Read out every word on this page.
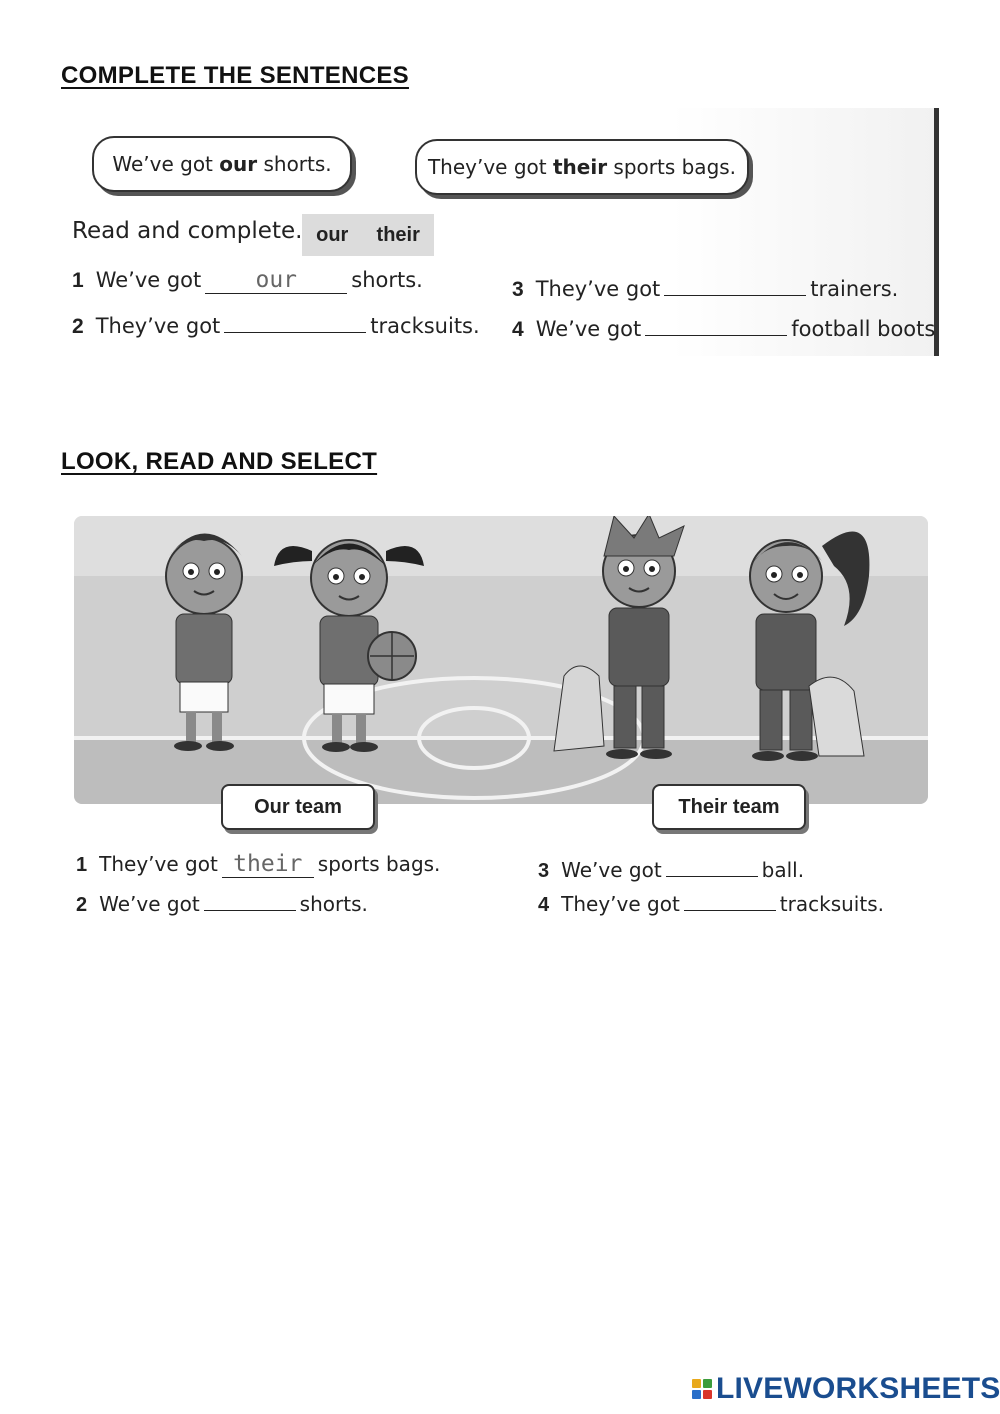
COMPLETE THE SENTENCES
We’ve got our shorts.	They’ve got their sports bags.
Read and complete. our their
1 We’ve got our	shorts.
2 They’ve got	tracksuits.
3 They’ve got	trainers.
4 We’ve got	football boots
LOOK, READ AND SELECT
Our team	Their team
1 They’ve got their sports bags.
2 We’ve got	shorts.
3 We’ve got	ball.
4 They’ve got	tracksuits.
LIVEWORKSHEETS
